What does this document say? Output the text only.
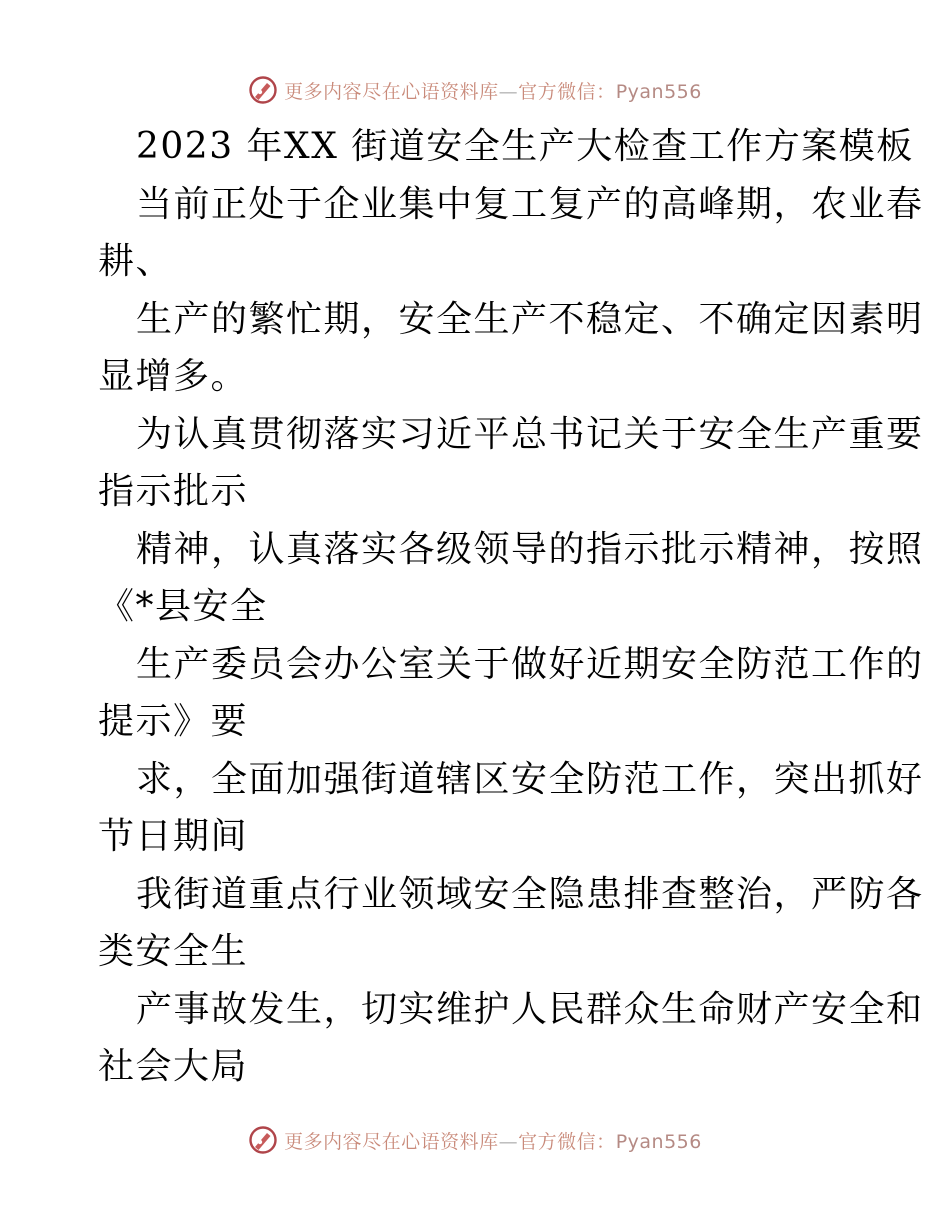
更多内容尽在心语资料库—官方微信：Pyan556
2023 年XX 街道安全生产大检查工作方案模板
当前正处于企业集中复工复产的高峰期，农业春
耕、
生产的繁忙期，安全生产不稳定、不确定因素明
显增多。
为认真贯彻落实习近平总书记关于安全生产重要
指示批示
精神，认真落实各级领导的指示批示精神，按照
《*县安全
生产委员会办公室关于做好近期安全防范工作的
提示》要
求，全面加强街道辖区安全防范工作，突出抓好
节日期间
我街道重点行业领域安全隐患排查整治，严防各
类安全生
产事故发生，切实维护人民群众生命财产安全和
社会大局
更多内容尽在心语资料库—官方微信：Pyan556
